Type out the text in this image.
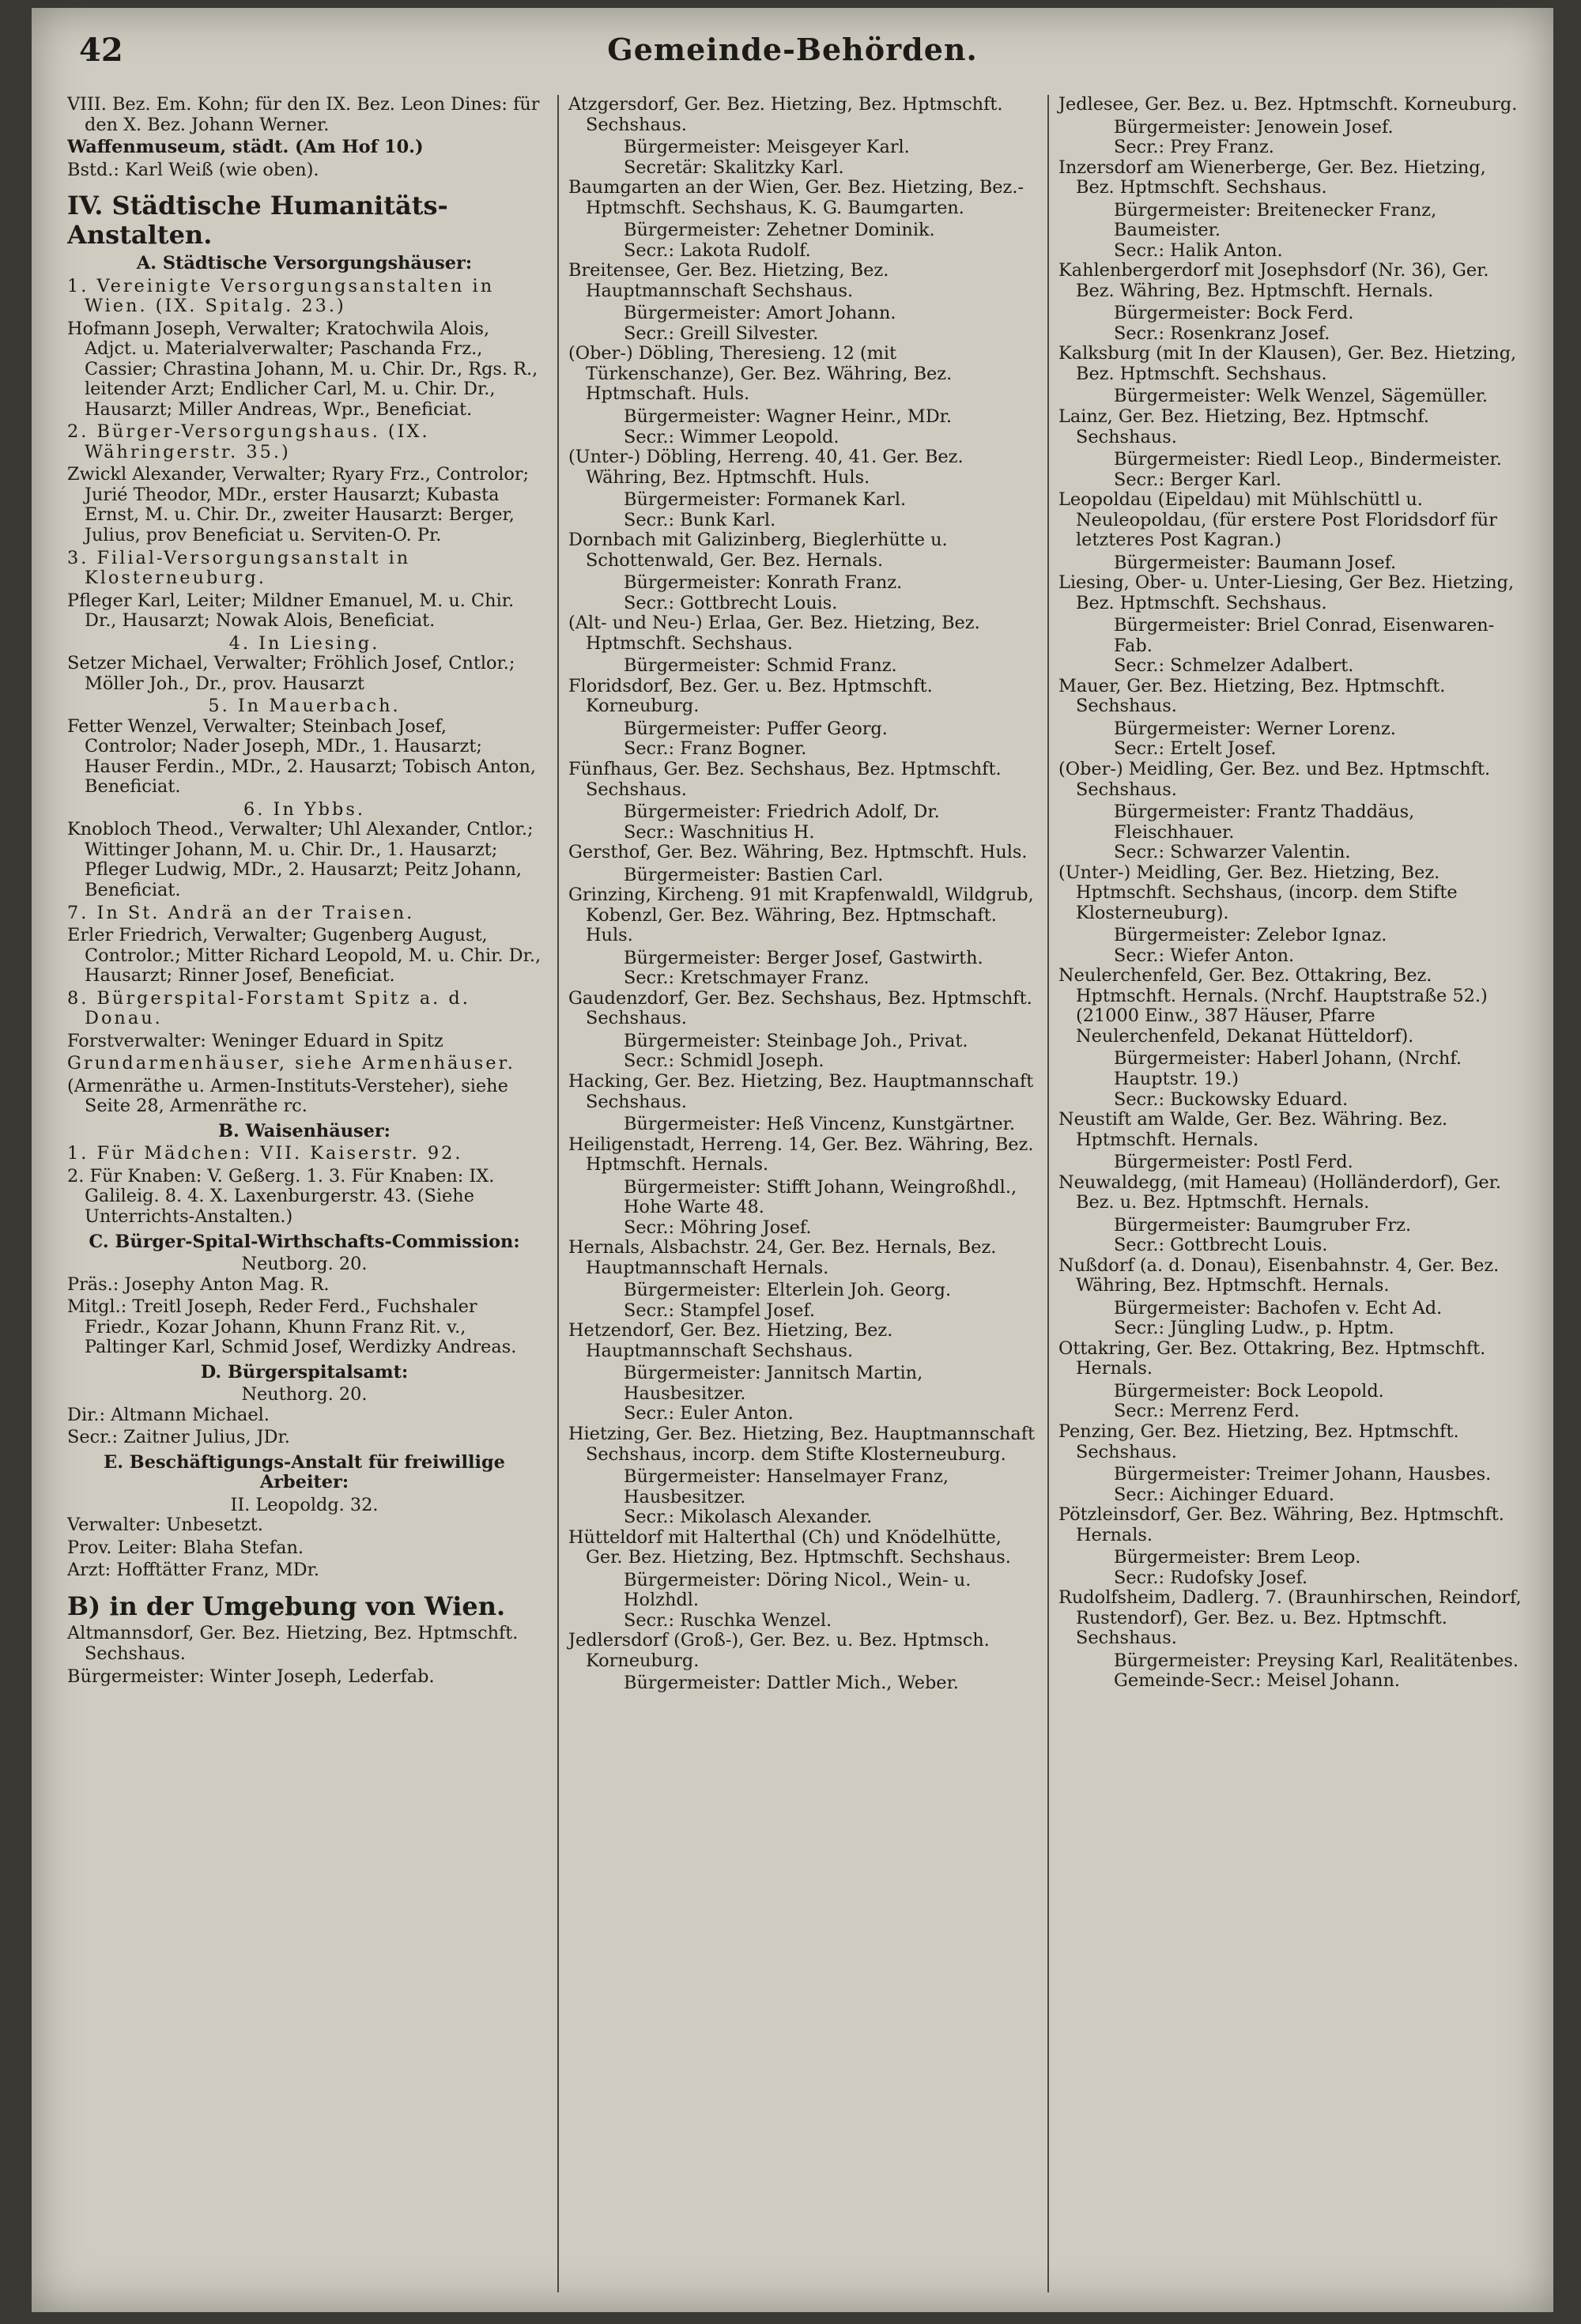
42	Gemeinde-Behörden.
VIII. Bez. Em. Kohn; für den IX. Bez. Leon Dines: für den X. Bez. Johann Werner.
Waffenmuseum, städt. (Am Hof 10.)
Bstd.: Karl Weiß (wie oben).
IV. Städtische Humanitäts-Anstalten.
A. Städtische Versorgungshäuser:
1. Vereinigte Versorgungsanstalten in Wien. (IX. Spitalg. 23.)
Hofmann Joseph, Verwalter; Kratochwila Alois, Adjct. u. Materialverwalter; Paschanda Frz., Cassier; Chrastina Johann, M. u. Chir. Dr., Rgs. R., leitender Arzt; Endlicher Carl, M. u. Chir. Dr., Hausarzt; Miller Andreas, Wpr., Beneficiat.
2. Bürger-Versorgungshaus. (IX. Währingerstr. 35.)
Zwickl Alexander, Verwalter; Ryary Frz., Controlor; Jurié Theodor, MDr., erster Hausarzt; Kubasta Ernst, M. u. Chir. Dr., zweiter Hausarzt: Berger, Julius, prov Beneficiat u. Serviten-O. Pr.
3. Filial-Versorgungsanstalt in Klosterneuburg.
Pfleger Karl, Leiter; Mildner Emanuel, M. u. Chir. Dr., Hausarzt; Nowak Alois, Beneficiat.
4. In Liesing.
Setzer Michael, Verwalter; Fröhlich Josef, Cntlor.; Möller Joh., Dr., prov. Hausarzt
5. In Mauerbach.
Fetter Wenzel, Verwalter; Steinbach Josef, Controlor; Nader Joseph, MDr., 1. Hausarzt; Hauser Ferdin., MDr., 2. Hausarzt; Tobisch Anton, Beneficiat.
6. In Ybbs.
Knobloch Theod., Verwalter; Uhl Alexander, Cntlor.; Wittinger Johann, M. u. Chir. Dr., 1. Hausarzt; Pfleger Ludwig, MDr., 2. Hausarzt; Peitz Johann, Beneficiat.
7. In St. Andrä an der Traisen.
Erler Friedrich, Verwalter; Gugenberg August, Controlor.; Mitter Richard Leopold, M. u. Chir. Dr., Hausarzt; Rinner Josef, Beneficiat.
8. Bürgerspital-Forstamt Spitz a. d. Donau.
Forstverwalter: Weninger Eduard in Spitz
Grundarmenhäuser, siehe Armenhäuser.
(Armenräthe u. Armen-Instituts-Versteher), siehe Seite 28, Armenräthe rc.
B. Waisenhäuser:
1. Für Mädchen: VII. Kaiserstr. 92.
2. Für Knaben: V. Geßerg. 1. 3. Für Knaben: IX. Galileig. 8. 4. X. Laxenburgerstr. 43. (Siehe Unterrichts-Anstalten.)
C. Bürger-Spital-Wirthschafts-Commission:
Neutborg. 20.
Präs.: Josephy Anton Mag. R.
Mitgl.: Treitl Joseph, Reder Ferd., Fuchshaler Friedr., Kozar Johann, Khunn Franz Rit. v., Paltinger Karl, Schmid Josef, Werdizky Andreas.
D. Bürgerspitalsamt:
Neuthorg. 20.
Dir.: Altmann Michael.
Secr.: Zaitner Julius, JDr.
E. Beschäftigungs-Anstalt für freiwillige Arbeiter:
II. Leopoldg. 32.
Verwalter: Unbesetzt.
Prov. Leiter: Blaha Stefan.
Arzt: Hofftätter Franz, MDr.
B) in der Umgebung von Wien.
Altmannsdorf, Ger. Bez. Hietzing, Bez. Hptmschft. Sechshaus.
Bürgermeister: Winter Joseph, Lederfab.
Atzgersdorf, Ger. Bez. Hietzing, Bez. Hptmschft. Sechshaus.
Bürgermeister: Meisgeyer Karl.
Secretär: Skalitzky Karl.
Baumgarten an der Wien, Ger. Bez. Hietzing, Bez.-Hptmschft. Sechshaus, K. G. Baumgarten.
Bürgermeister: Zehetner Dominik.
Secr.: Lakota Rudolf.
Breitensee, Ger. Bez. Hietzing, Bez. Hauptmannschaft Sechshaus.
Bürgermeister: Amort Johann.
Secr.: Greill Silvester.
(Ober-) Döbling, Theresieng. 12 (mit Türkenschanze), Ger. Bez. Währing, Bez. Hptmschaft. Huls.
Bürgermeister: Wagner Heinr., MDr.
Secr.: Wimmer Leopold.
(Unter-) Döbling, Herreng. 40, 41. Ger. Bez. Währing, Bez. Hptmschft. Huls.
Bürgermeister: Formanek Karl.
Secr.: Bunk Karl.
Dornbach mit Galizinberg, Bieglerhütte u. Schottenwald, Ger. Bez. Hernals.
Bürgermeister: Konrath Franz.
Secr.: Gottbrecht Louis.
(Alt- und Neu-) Erlaa, Ger. Bez. Hietzing, Bez. Hptmschft. Sechshaus.
Bürgermeister: Schmid Franz.
Floridsdorf, Bez. Ger. u. Bez. Hptmschft. Korneuburg.
Bürgermeister: Puffer Georg.
Secr.: Franz Bogner.
Fünfhaus, Ger. Bez. Sechshaus, Bez. Hptmschft. Sechshaus.
Bürgermeister: Friedrich Adolf, Dr.
Secr.: Waschnitius H.
Gersthof, Ger. Bez. Währing, Bez. Hptmschft. Huls.
Bürgermeister: Bastien Carl.
Grinzing, Kircheng. 91 mit Krapfenwaldl, Wildgrub, Kobenzl, Ger. Bez. Währing, Bez. Hptmschaft. Huls.
Bürgermeister: Berger Josef, Gastwirth.
Secr.: Kretschmayer Franz.
Gaudenzdorf, Ger. Bez. Sechshaus, Bez. Hptmschft. Sechshaus.
Bürgermeister: Steinbage Joh., Privat.
Secr.: Schmidl Joseph.
Hacking, Ger. Bez. Hietzing, Bez. Hauptmannschaft Sechshaus.
Bürgermeister: Heß Vincenz, Kunstgärtner.
Heiligenstadt, Herreng. 14, Ger. Bez. Währing, Bez. Hptmschft. Hernals.
Bürgermeister: Stifft Johann, Weingroßhdl., Hohe Warte 48.
Secr.: Möhring Josef.
Hernals, Alsbachstr. 24, Ger. Bez. Hernals, Bez. Hauptmannschaft Hernals.
Bürgermeister: Elterlein Joh. Georg.
Secr.: Stampfel Josef.
Hetzendorf, Ger. Bez. Hietzing, Bez. Hauptmannschaft Sechshaus.
Bürgermeister: Jannitsch Martin, Hausbesitzer.
Secr.: Euler Anton.
Hietzing, Ger. Bez. Hietzing, Bez. Hauptmannschaft Sechshaus, incorp. dem Stifte Klosterneuburg.
Bürgermeister: Hanselmayer Franz, Hausbesitzer.
Secr.: Mikolasch Alexander.
Hütteldorf mit Halterthal (Ch) und Knödelhütte, Ger. Bez. Hietzing, Bez. Hptmschft. Sechshaus.
Bürgermeister: Döring Nicol., Wein- u. Holzhdl.
Secr.: Ruschka Wenzel.
Jedlersdorf (Groß-), Ger. Bez. u. Bez. Hptmsch. Korneuburg.
Bürgermeister: Dattler Mich., Weber.
Jedlesee, Ger. Bez. u. Bez. Hptmschft. Korneuburg.
Bürgermeister: Jenowein Josef.
Secr.: Prey Franz.
Inzersdorf am Wienerberge, Ger. Bez. Hietzing, Bez. Hptmschft. Sechshaus.
Bürgermeister: Breitenecker Franz, Baumeister.
Secr.: Halik Anton.
Kahlenbergerdorf mit Josephsdorf (Nr. 36), Ger. Bez. Währing, Bez. Hptmschft. Hernals.
Bürgermeister: Bock Ferd.
Secr.: Rosenkranz Josef.
Kalksburg (mit In der Klausen), Ger. Bez. Hietzing, Bez. Hptmschft. Sechshaus.
Bürgermeister: Welk Wenzel, Sägemüller.
Lainz, Ger. Bez. Hietzing, Bez. Hptmschf. Sechshaus.
Bürgermeister: Riedl Leop., Bindermeister.
Secr.: Berger Karl.
Leopoldau (Eipeldau) mit Mühlschüttl u. Neuleopoldau, (für erstere Post Floridsdorf für letzteres Post Kagran.)
Bürgermeister: Baumann Josef.
Liesing, Ober- u. Unter-Liesing, Ger Bez. Hietzing, Bez. Hptmschft. Sechshaus.
Bürgermeister: Briel Conrad, Eisenwaren-Fab.
Secr.: Schmelzer Adalbert.
Mauer, Ger. Bez. Hietzing, Bez. Hptmschft. Sechshaus.
Bürgermeister: Werner Lorenz.
Secr.: Ertelt Josef.
(Ober-) Meidling, Ger. Bez. und Bez. Hptmschft. Sechshaus.
Bürgermeister: Frantz Thaddäus, Fleischhauer.
Secr.: Schwarzer Valentin.
(Unter-) Meidling, Ger. Bez. Hietzing, Bez. Hptmschft. Sechshaus, (incorp. dem Stifte Klosterneuburg).
Bürgermeister: Zelebor Ignaz.
Secr.: Wiefer Anton.
Neulerchenfeld, Ger. Bez. Ottakring, Bez. Hptmschft. Hernals. (Nrchf. Hauptstraße 52.) (21000 Einw., 387 Häuser, Pfarre Neulerchenfeld, Dekanat Hütteldorf).
Bürgermeister: Haberl Johann, (Nrchf. Hauptstr. 19.)
Secr.: Buckowsky Eduard.
Neustift am Walde, Ger. Bez. Währing. Bez. Hptmschft. Hernals.
Bürgermeister: Postl Ferd.
Neuwaldegg, (mit Hameau) (Holländerdorf), Ger. Bez. u. Bez. Hptmschft. Hernals.
Bürgermeister: Baumgruber Frz.
Secr.: Gottbrecht Louis.
Nußdorf (a. d. Donau), Eisenbahnstr. 4, Ger. Bez. Währing, Bez. Hptmschft. Hernals.
Bürgermeister: Bachofen v. Echt Ad.
Secr.: Jüngling Ludw., p. Hptm.
Ottakring, Ger. Bez. Ottakring, Bez. Hptmschft. Hernals.
Bürgermeister: Bock Leopold.
Secr.: Merrenz Ferd.
Penzing, Ger. Bez. Hietzing, Bez. Hptmschft. Sechshaus.
Bürgermeister: Treimer Johann, Hausbes.
Secr.: Aichinger Eduard.
Pötzleinsdorf, Ger. Bez. Währing, Bez. Hptmschft. Hernals.
Bürgermeister: Brem Leop.
Secr.: Rudofsky Josef.
Rudolfsheim, Dadlerg. 7. (Braunhirschen, Reindorf, Rustendorf), Ger. Bez. u. Bez. Hptmschft. Sechshaus.
Bürgermeister: Preysing Karl, Realitätenbes.
Gemeinde-Secr.: Meisel Johann.
